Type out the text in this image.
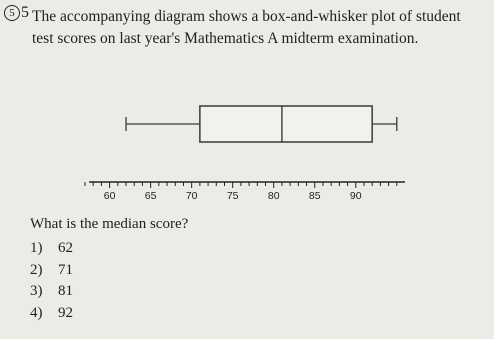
5 5 The accompanying diagram shows a box-and-whisker plot of student test scores on last year's Mathematics A midterm examination.

60	65	70	75	80	85	90

What is the median score?

1)	62
2)	71
3)	81
4)	92
